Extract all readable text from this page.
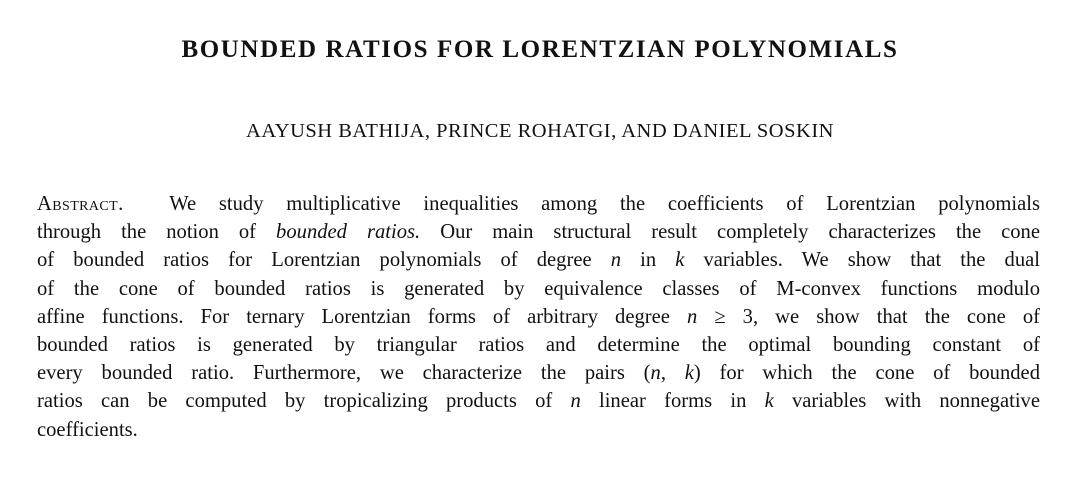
BOUNDED RATIOS FOR LORENTZIAN POLYNOMIALS

AAYUSH BATHIJA, PRINCE ROHATGI, AND DANIEL SOSKIN

Abstract. We study multiplicative inequalities among the coefficients of Lorentzian polynomials
through the notion of bounded ratios. Our main structural result completely characterizes the cone
of bounded ratios for Lorentzian polynomials of degree n in k variables. We show that the dual
of the cone of bounded ratios is generated by equivalence classes of M-convex functions modulo
affine functions. For ternary Lorentzian forms of arbitrary degree n ≥ 3, we show that the cone of
bounded ratios is generated by triangular ratios and determine the optimal bounding constant of
every bounded ratio. Furthermore, we characterize the pairs (n, k) for which the cone of bounded
ratios can be computed by tropicalizing products of n linear forms in k variables with nonnegative
coefficients.
